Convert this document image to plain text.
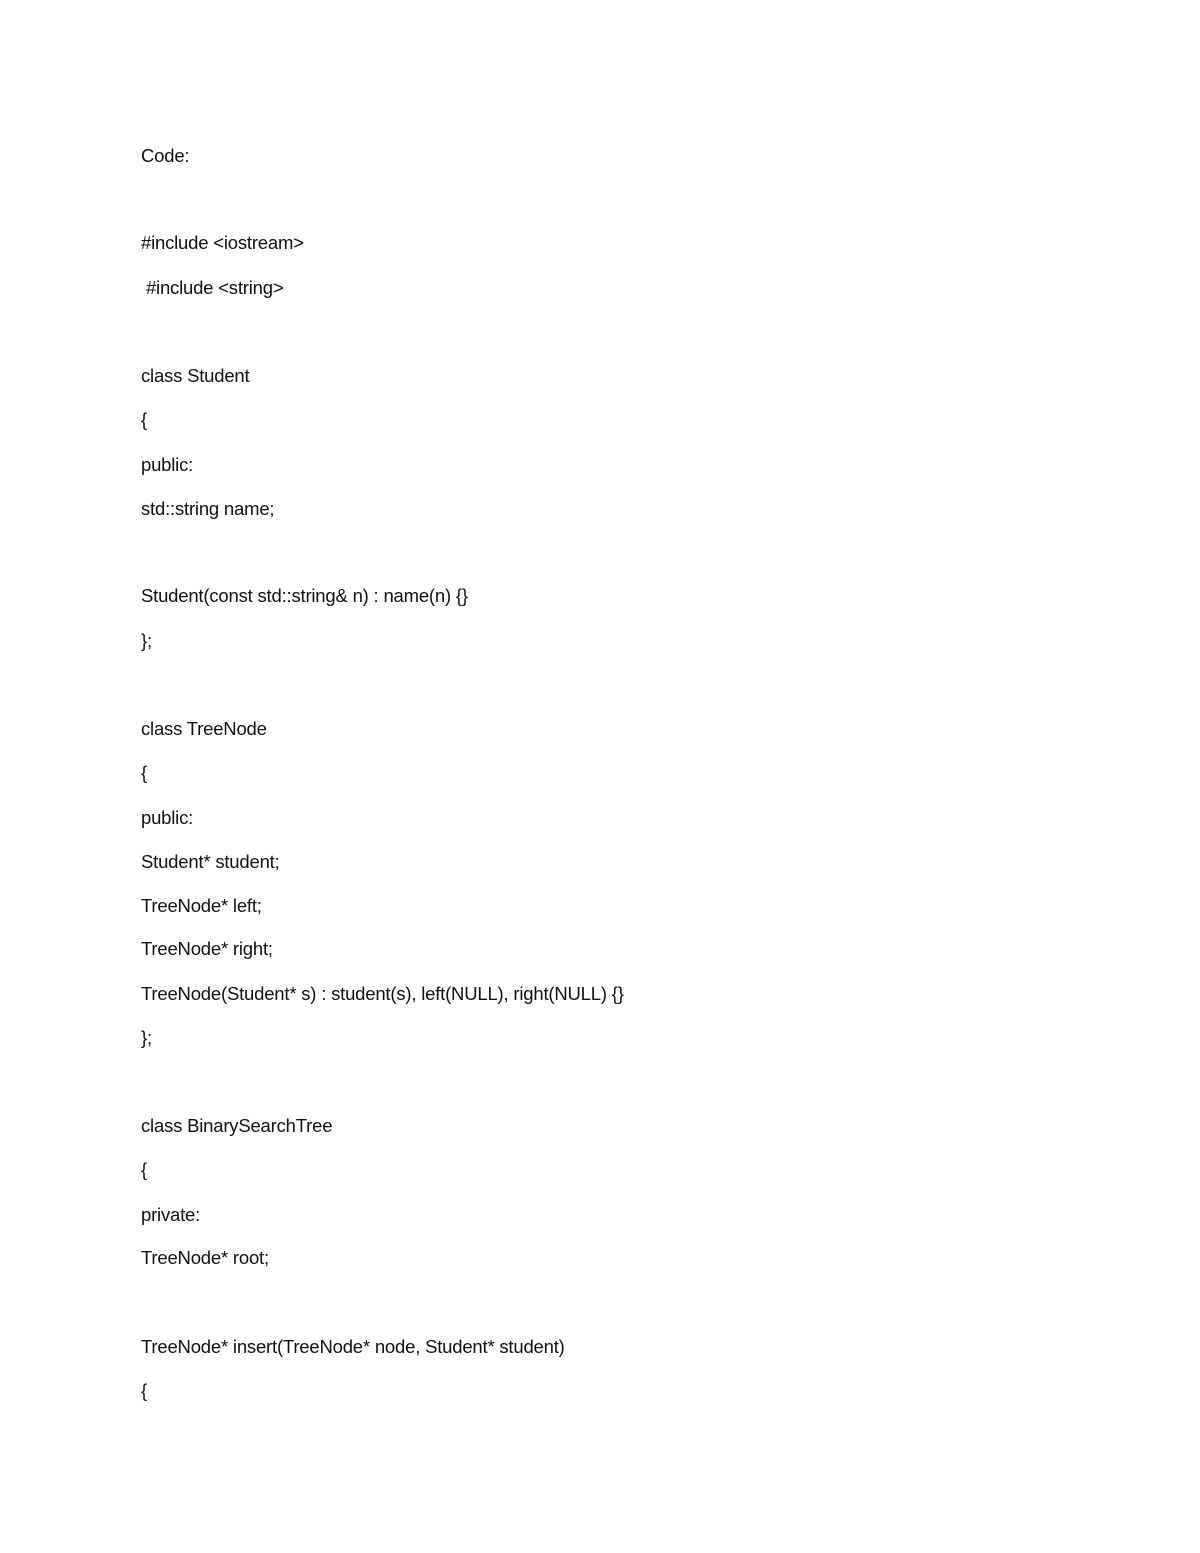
Code:
#include <iostream>
#include <string>
class Student
{
public:
std::string name;
Student(const std::string& n) : name(n) {}
};
class TreeNode
{
public:
Student* student;
TreeNode* left;
TreeNode* right;
TreeNode(Student* s) : student(s), left(NULL), right(NULL) {}
};
class BinarySearchTree
{
private:
TreeNode* root;
TreeNode* insert(TreeNode* node, Student* student)
{
